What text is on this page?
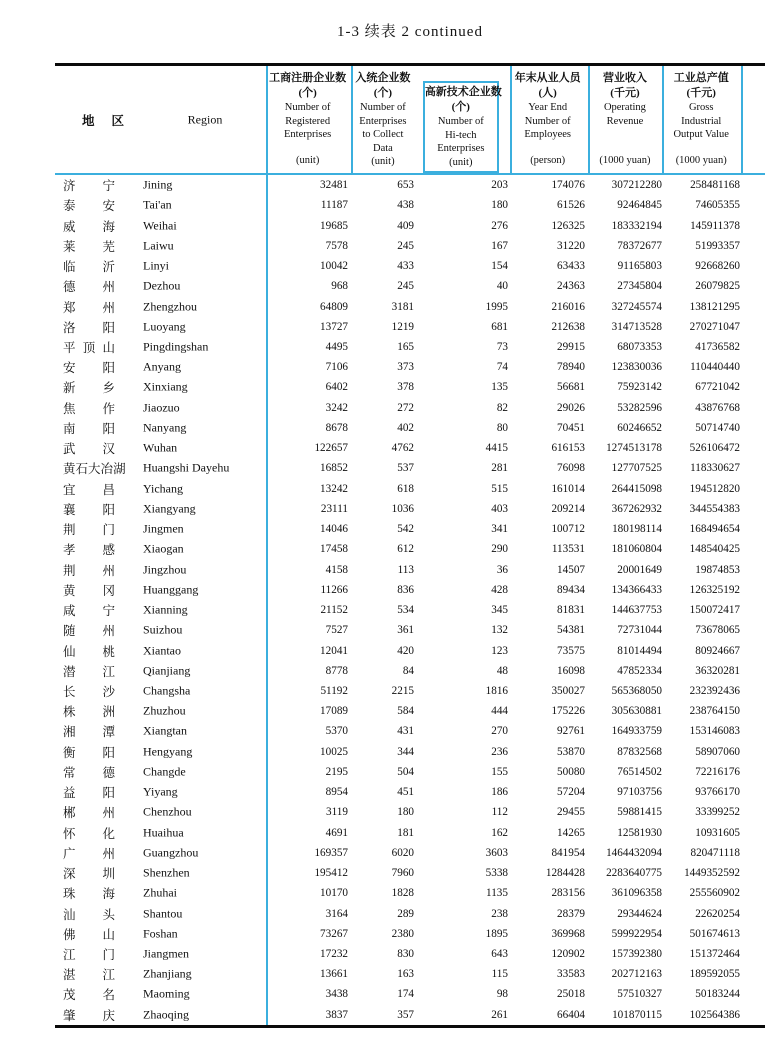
1-3 续表 2 continued
地 区	Region
工商注册企业数
(个)
Number of
Registered
Enterprises
(unit)
入统企业数
(个)
Number of
Enterprises
to Collect
Data
(unit)
高新技术企业数
(个)
Number of
Hi-tech
Enterprises
(unit)
年末从业人员
(人)
Year End
Number of
Employees
(person)
营业收入
(千元)
Operating
Revenue
(1000 yuan)
工业总产值
(千元)
Gross
Industrial
Output Value
(1000 yuan)
济 宁 Jining	32481	653	203	174076	307212280	258481168
泰 安 Tai'an	11187	438	180	61526	92464845	74605355
威 海 Weihai	19685	409	276	126325	183332194	145911378
莱 芜 Laiwu	7578	245	167	31220	78372677	51993357
临 沂 Linyi	10042	433	154	63433	91165803	92668260
德 州 Dezhou	968	245	40	24363	27345804	26079825
郑 州 Zhengzhou	64809	3181	1995	216016	327245574	138121295
洛 阳 Luoyang	13727	1219	681	212638	314713528	270271047
平 顶 山 Pingdingshan	4495	165	73	29915	68073353	41736582
安 阳 Anyang	7106	373	74	78940	123830036	110440440
新 乡 Xinxiang	6402	378	135	56681	75923142	67721042
焦 作 Jiaozuo	3242	272	82	29026	53282596	43876768
南 阳 Nanyang	8678	402	80	70451	60246652	50714740
武 汉 Wuhan	122657	4762	4415	616153	1274513178	526106472
黄 石 大 冶 湖 Huangshi Dayehu	16852	537	281	76098	127707525	118330627
宜 昌 Yichang	13242	618	515	161014	264415098	194512820
襄 阳 Xiangyang	23111	1036	403	209214	367262932	344554383
荆 门 Jingmen	14046	542	341	100712	180198114	168494654
孝 感 Xiaogan	17458	612	290	113531	181060804	148540425
荆 州 Jingzhou	4158	113	36	14507	20001649	19874853
黄 冈 Huanggang	11266	836	428	89434	134366433	126325192
咸 宁 Xianning	21152	534	345	81831	144637753	150072417
随 州 Suizhou	7527	361	132	54381	72731044	73678065
仙 桃 Xiantao	12041	420	123	73575	81014494	80924667
潜 江 Qianjiang	8778	84	48	16098	47852334	36320281
长 沙 Changsha	51192	2215	1816	350027	565368050	232392436
株 洲 Zhuzhou	17089	584	444	175226	305630881	238764150
湘 潭 Xiangtan	5370	431	270	92761	164933759	153146083
衡 阳 Hengyang	10025	344	236	53870	87832568	58907060
常 德 Changde	2195	504	155	50080	76514502	72216176
益 阳 Yiyang	8954	451	186	57204	97103756	93766170
郴 州 Chenzhou	3119	180	112	29455	59881415	33399252
怀 化 Huaihua	4691	181	162	14265	12581930	10931605
广 州 Guangzhou	169357	6020	3603	841954	1464432094	820471118
深 圳 Shenzhen	195412	7960	5338	1284428	2283640775	1449352592
珠 海 Zhuhai	10170	1828	1135	283156	361096358	255560902
汕 头 Shantou	3164	289	238	28379	29344624	22620254
佛 山 Foshan	73267	2380	1895	369968	599922954	501674613
江 门 Jiangmen	17232	830	643	120902	157392380	151372464
湛 江 Zhanjiang	13661	163	115	33583	202712163	189592055
茂 名 Maoming	3438	174	98	25018	57510327	50183244
肇 庆 Zhaoqing	3837	357	261	66404	101870115	102564386
